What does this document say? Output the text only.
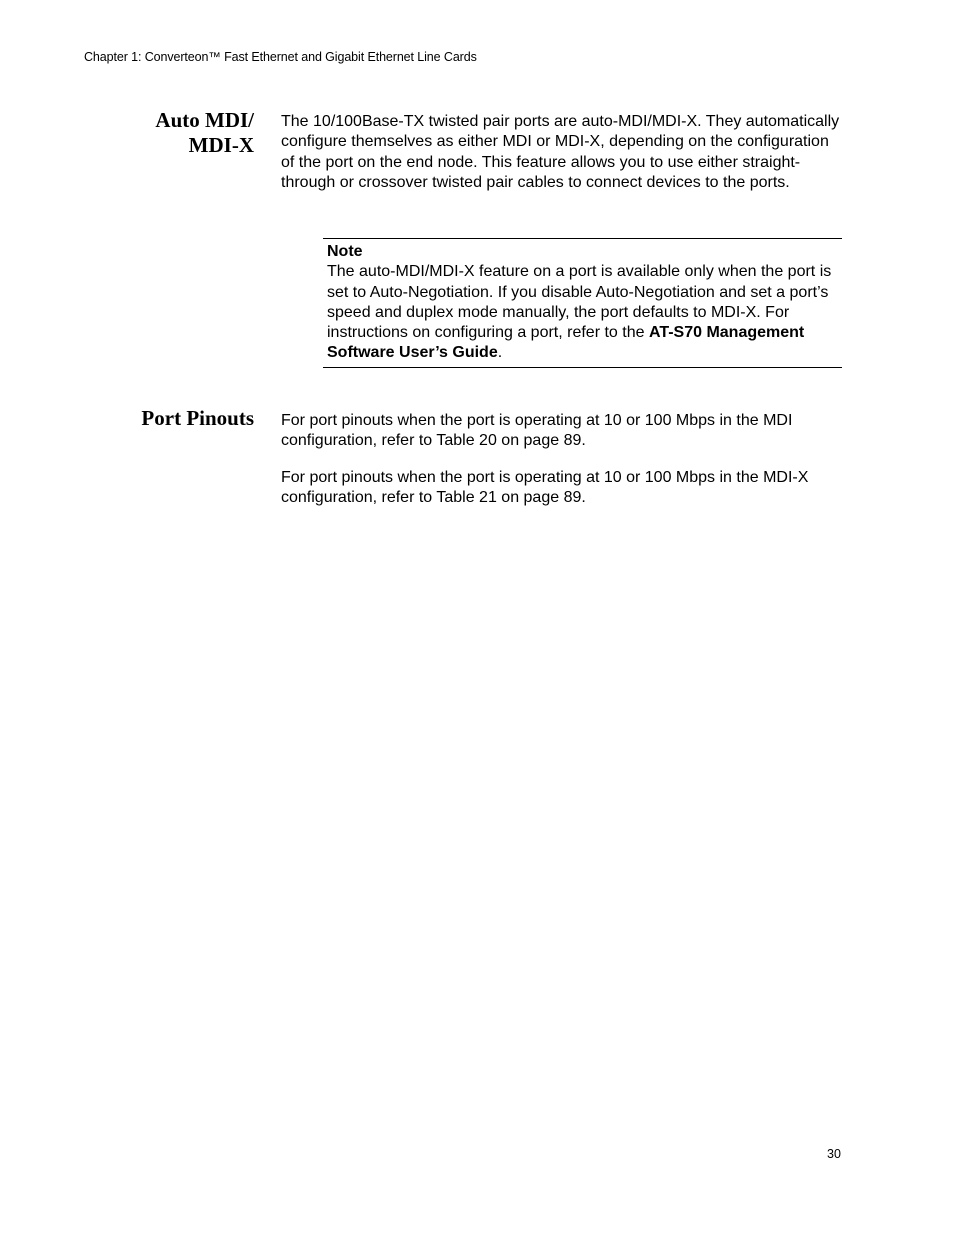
Chapter 1: Converteon™ Fast Ethernet and Gigabit Ethernet Line Cards
Auto MDI/
MDI-X

The 10/100Base-TX twisted pair ports are auto-MDI/MDI-X. They automatically configure themselves as either MDI or MDI-X, depending on the configuration of the port on the end node. This feature allows you to use either straight-through or crossover twisted pair cables to connect devices to the ports.

Note

The auto-MDI/MDI-X feature on a port is available only when the port is set to Auto-Negotiation. If you disable Auto-Negotiation and set a port’s speed and duplex mode manually, the port defaults to MDI-X. For instructions on configuring a port, refer to the AT-S70 Management Software User’s Guide.

Port Pinouts For port pinouts when the port is operating at 10 or 100 Mbps in the MDI configuration, refer to Table 20 on page 89.

For port pinouts when the port is operating at 10 or 100 Mbps in the MDI-X configuration, refer to Table 21 on page 89.

30
